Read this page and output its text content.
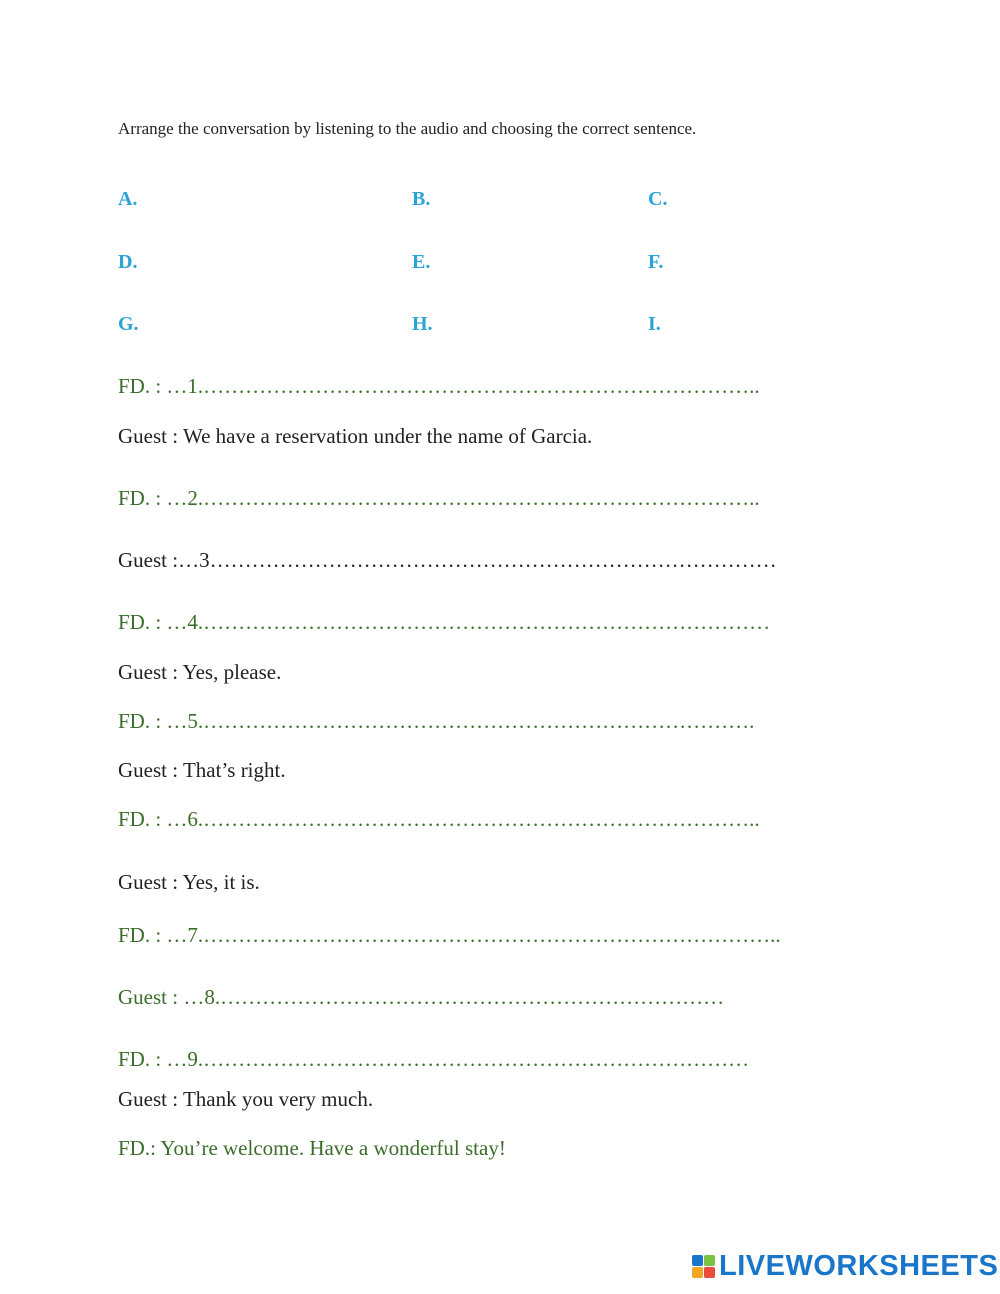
Arrange the conversation by listening to the audio and choosing the correct sentence.

A.	B.	C.
D.	E.	F.
G.	H.	I.
FD. : …1.……………………………………………………………………..
Guest : We have a reservation under the name of Garcia.
FD. : …2.……………………………………………………………………..
Guest :…3………………………………………………………………………
FD. : …4.………………………………………………………………………
Guest : Yes, please.
FD. : …5.…………………………………………………………………….
Guest : That’s right.
FD. : …6.……………………………………………………………………..
Guest : Yes, it is.
FD. : …7.………………………………………………………………………..
Guest : …8.………………………………………………………………
FD. : …9.……………………………………………………………………
Guest : Thank you very much.
FD.: You’re welcome. Have a wonderful stay!
LIVEWORKSHEETS
